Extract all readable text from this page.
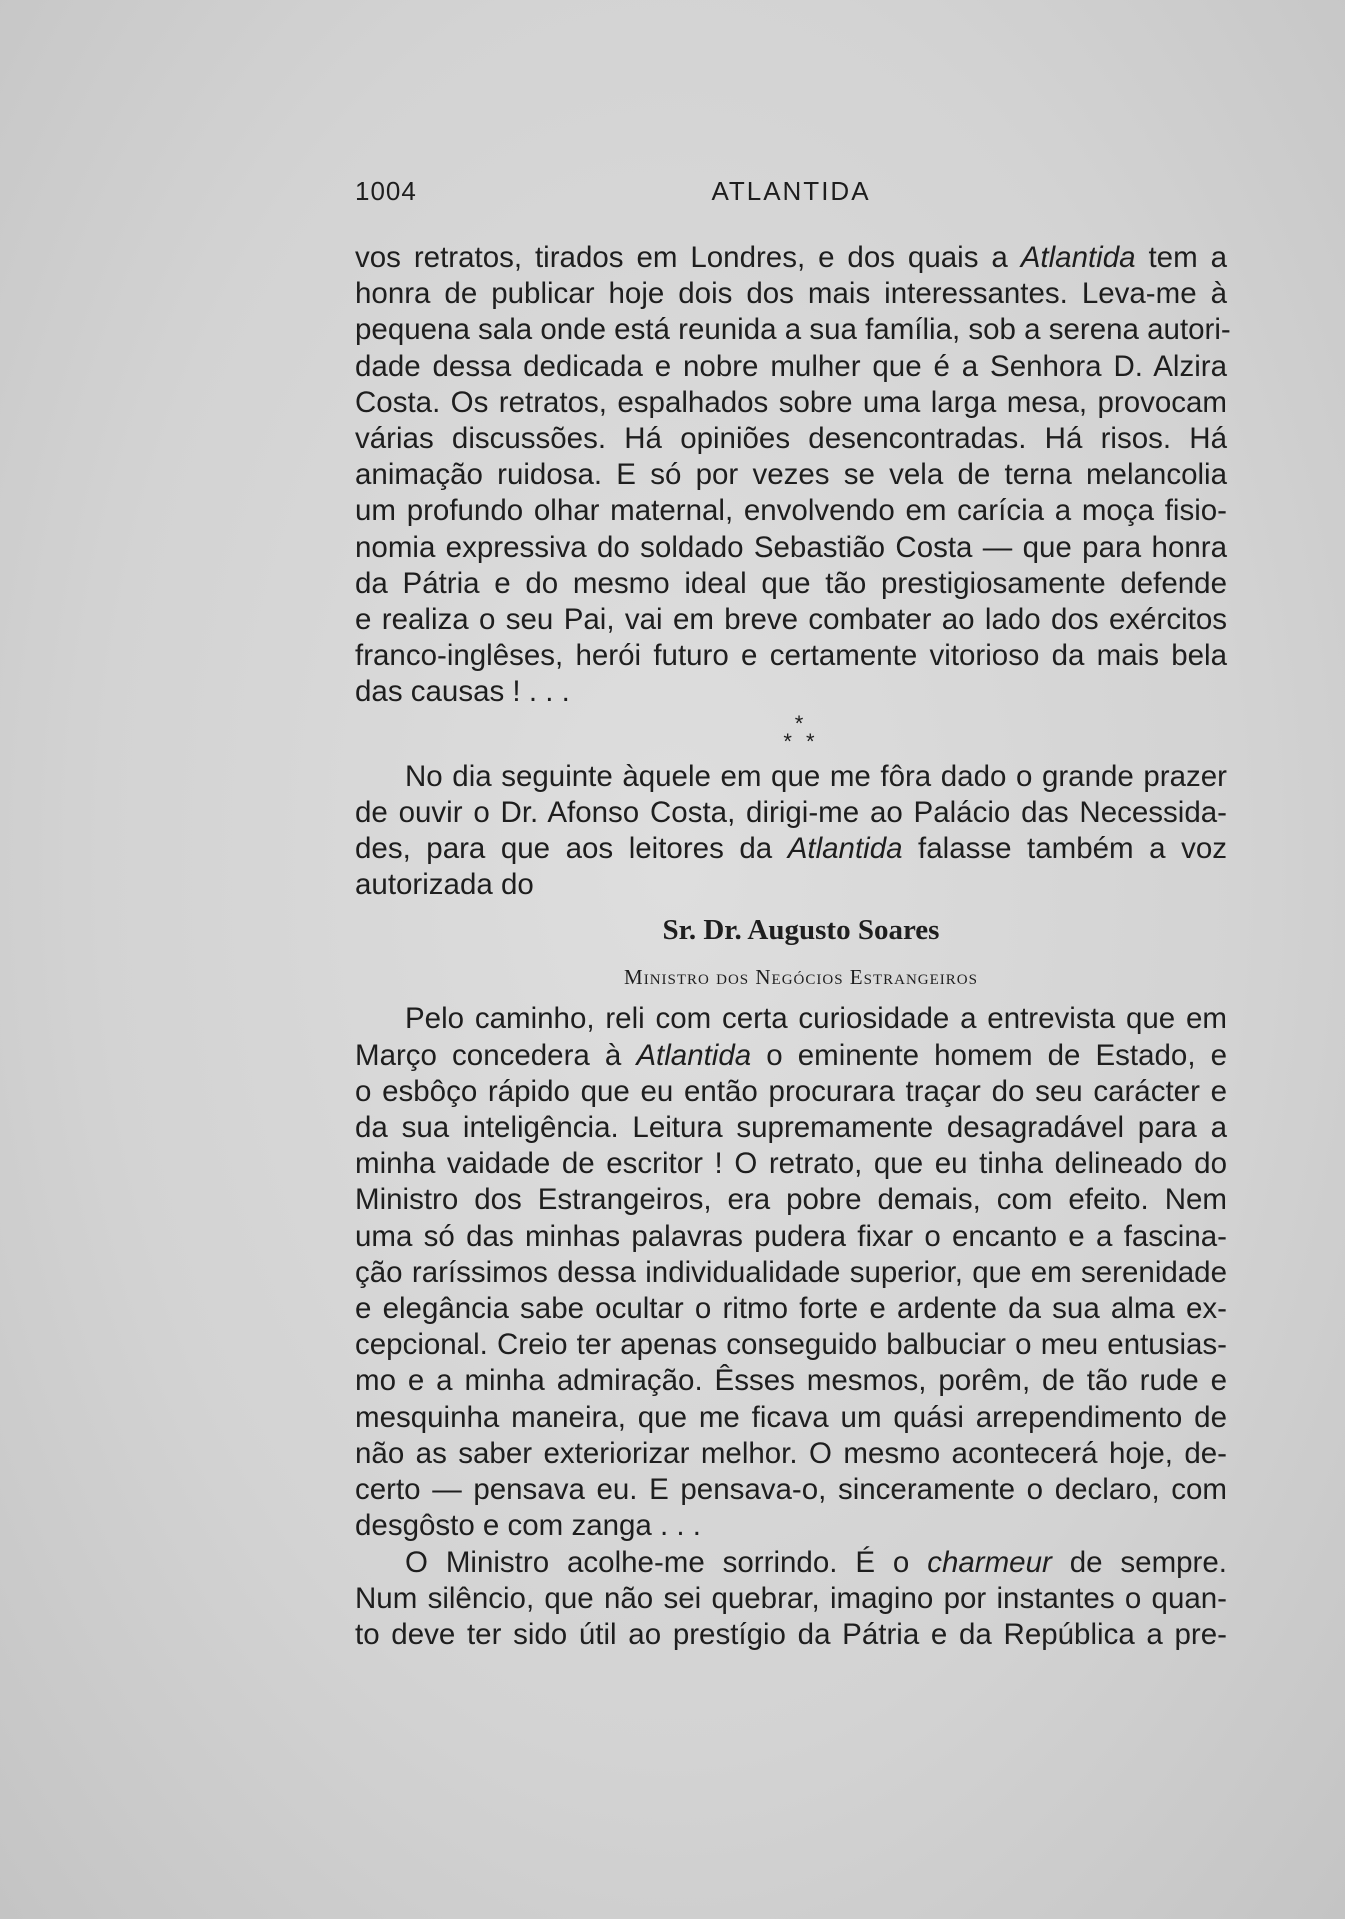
1004	ATLANTIDA
vos retratos, tirados em Londres, e dos quais a Atlantida tem a
honra de publicar hoje dois dos mais interessantes. Leva-me à
pequena sala onde está reunida a sua família, sob a serena autori-
dade dessa dedicada e nobre mulher que é a Senhora D. Alzira
Costa. Os retratos, espalhados sobre uma larga mesa, provocam
várias discussões. Há opiniões desencontradas. Há risos. Há
animação ruidosa. E só por vezes se vela de terna melancolia
um profundo olhar maternal, envolvendo em carícia a moça fisio-
nomia expressiva do soldado Sebastião Costa — que para honra
da Pátria e do mesmo ideal que tão prestigiosamente defende
e realiza o seu Pai, vai em breve combater ao lado dos exércitos
franco-inglêses, herói futuro e certamente vitorioso da mais bela
das causas ! . . .
*
* *
No dia seguinte àquele em que me fôra dado o grande prazer
de ouvir o Dr. Afonso Costa, dirigi-me ao Palácio das Necessida-
des, para que aos leitores da Atlantida falasse também a voz
autorizada do
Sr. Dr. Augusto Soares
Ministro dos Negócios Estrangeiros
Pelo caminho, reli com certa curiosidade a entrevista que em
Março concedera à Atlantida o eminente homem de Estado, e
o esbôço rápido que eu então procurara traçar do seu carácter e
da sua inteligência. Leitura supremamente desagradável para a
minha vaidade de escritor ! O retrato, que eu tinha delineado do
Ministro dos Estrangeiros, era pobre demais, com efeito. Nem
uma só das minhas palavras pudera fixar o encanto e a fascina-
ção raríssimos dessa individualidade superior, que em serenidade
e elegância sabe ocultar o ritmo forte e ardente da sua alma ex-
cepcional. Creio ter apenas conseguido balbuciar o meu entusias-
mo e a minha admiração. Êsses mesmos, porêm, de tão rude e
mesquinha maneira, que me ficava um quási arrependimento de
não as saber exteriorizar melhor. O mesmo acontecerá hoje, de-
certo — pensava eu. E pensava-o, sinceramente o declaro, com
desgôsto e com zanga . . .
O Ministro acolhe-me sorrindo. É o charmeur de sempre.
Num silêncio, que não sei quebrar, imagino por instantes o quan-
to deve ter sido útil ao prestígio da Pátria e da República a pre-
